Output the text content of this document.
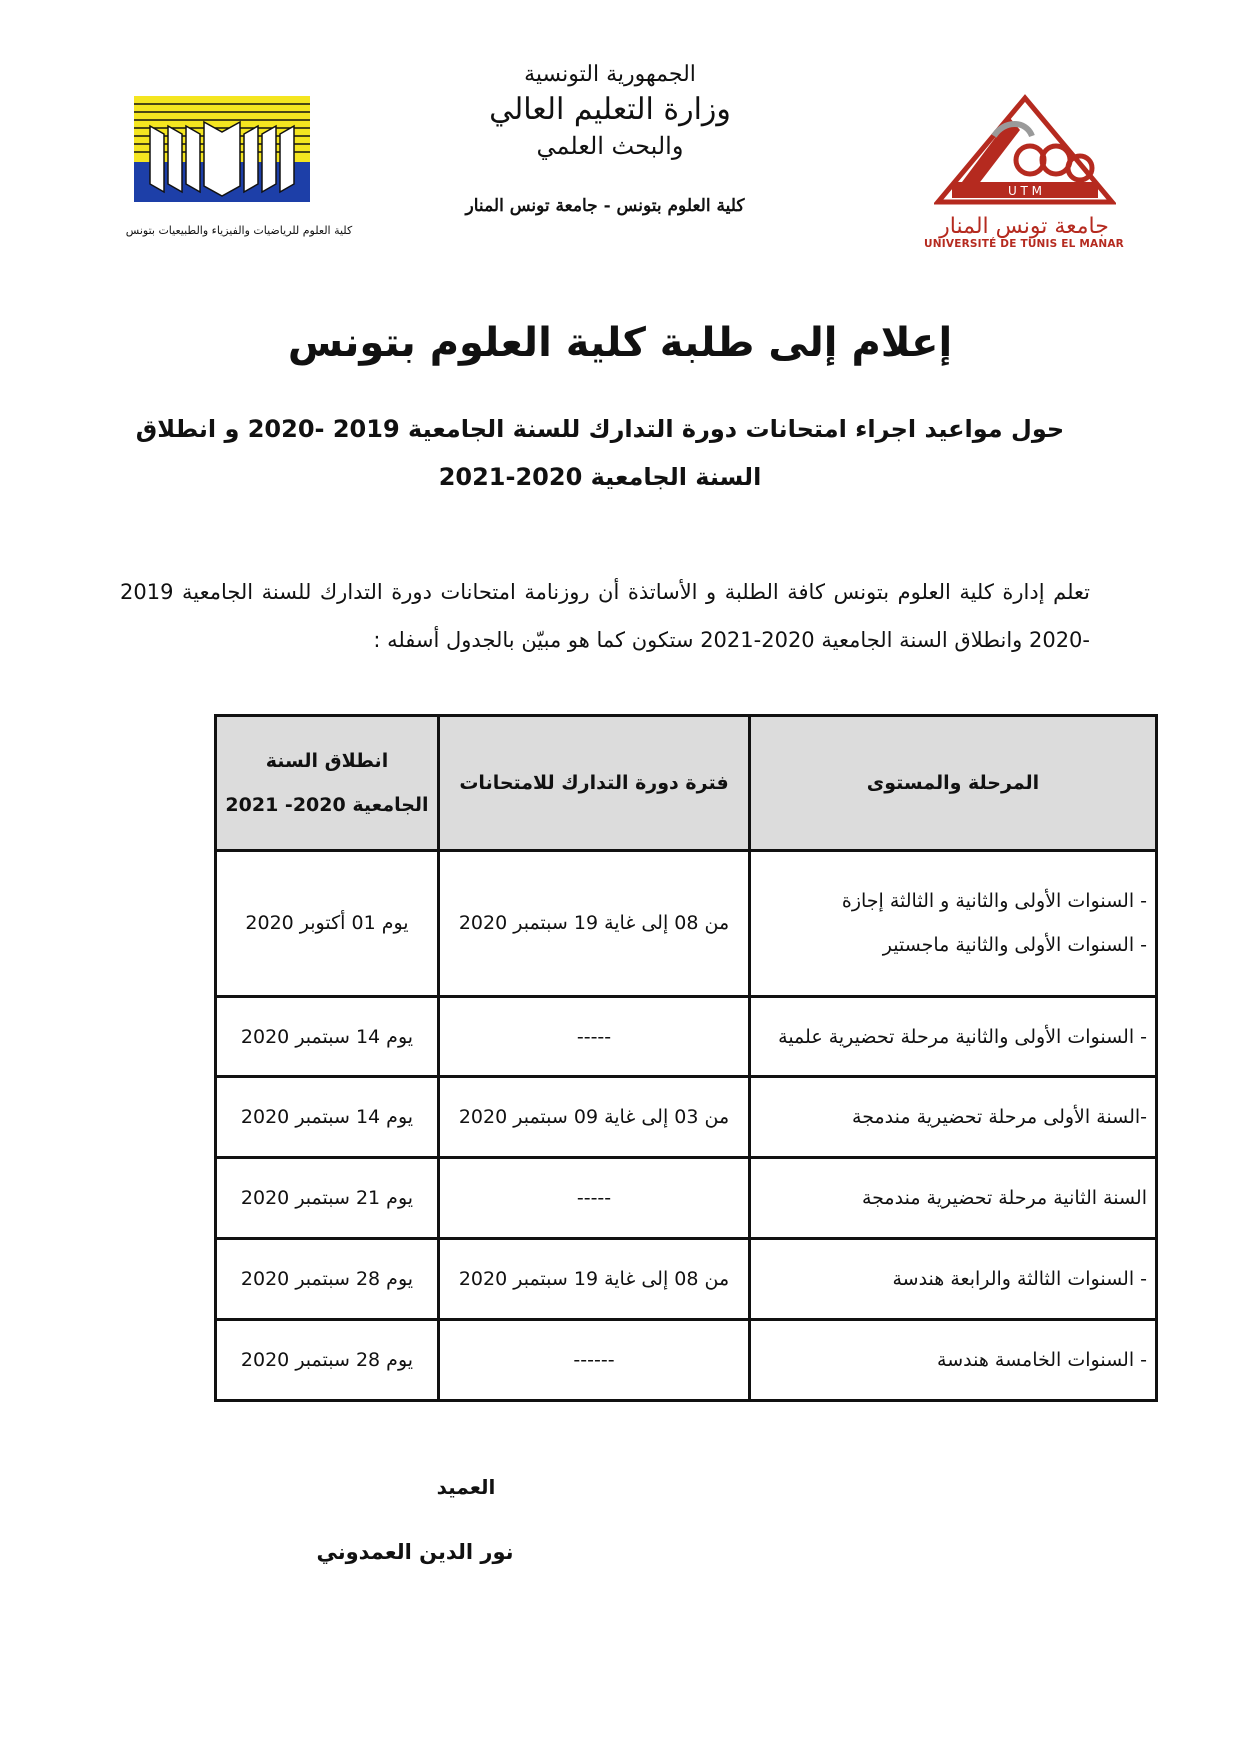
كلية العلوم للرياضيات والفيزياء والطبيعيات بتونس
الجمهورية التونسية
وزارة التعليم العالي
والبحث العلمي
كلية العلوم بتونس - جامعة تونس المنار
U T M
جامعة تونس المنار
UNIVERSITÉ DE TUNIS EL MANAR
إعلام إلى طلبة كلية العلوم بتونس
حول مواعيد اجراء امتحانات دورة التدارك للسنة الجامعية 2019 -2020 و انطلاق السنة الجامعية 2020-2021
تعلم إدارة كلية العلوم بتونس كافة الطلبة و الأساتذة أن روزنامة امتحانات دورة التدارك للسنة الجامعية 2019 -2020 وانطلاق السنة الجامعية 2020-2021 ستكون كما هو مبيّن بالجدول أسفله :
المرحلة والمستوى	فترة دورة التدارك للامتحانات	انطلاق السنة الجامعية 2020- 2021

- السنوات الأولى والثانية و الثالثة إجازة
- السنوات الأولى والثانية ماجستير	من 08 إلى غاية 19 سبتمبر 2020	يوم 01 أكتوبر 2020

- السنوات الأولى والثانية مرحلة تحضيرية علمية	-----	يوم 14 سبتمبر 2020

-السنة الأولى مرحلة تحضيرية مندمجة	من 03 إلى غاية 09 سبتمبر 2020	يوم 14 سبتمبر 2020

السنة الثانية مرحلة تحضيرية مندمجة	-----	يوم 21 سبتمبر 2020

- السنوات الثالثة والرابعة هندسة	من 08 إلى غاية 19 سبتمبر 2020	يوم 28 سبتمبر 2020

- السنوات الخامسة هندسة	------	يوم 28 سبتمبر 2020
العميد
نور الدين العمدوني
